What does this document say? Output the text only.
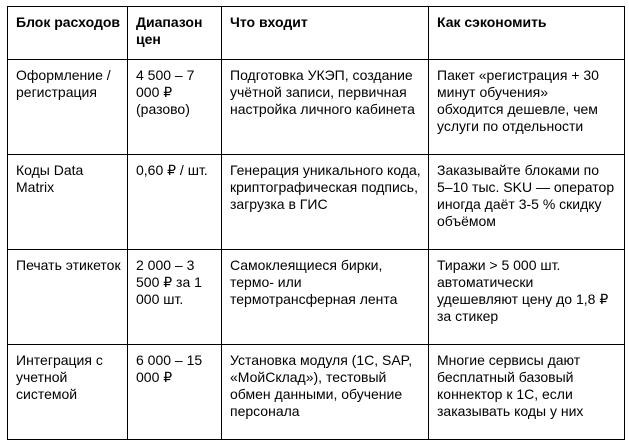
Блок расходов	Диапазон цен	Что входит	Как сэкономить
Оформление / регистрация	4 500 – 7 000 ₽ (разово)	Подготовка УКЭП, создание учётной записи, первичная настройка личного кабинета	Пакет «регистрация + 30 минут обучения» обходится дешевле, чем услуги по отдельности
Коды Data Matrix	0,60 ₽ / шт.	Генерация уникального кода, криптографическая подпись, загрузка в ГИС	Заказывайте блоками по 5–10 тыс. SKU — оператор иногда даёт 3-5 % скидку объёмом
Печать этикеток	2 000 – 3 500 ₽ за 1 000 шт.	Самоклеящиеся бирки, термо- или термотрансферная лента	Тиражи > 5 000 шт. автоматически удешевляют цену до 1,8 ₽ за стикер
Интеграция с учетной системой	6 000 – 15 000 ₽	Установка модуля (1С, SAP, «МойСклад»), тестовый обмен данными, обучение персонала	Многие сервисы дают бесплатный базовый коннектор к 1С, если заказывать коды у них
